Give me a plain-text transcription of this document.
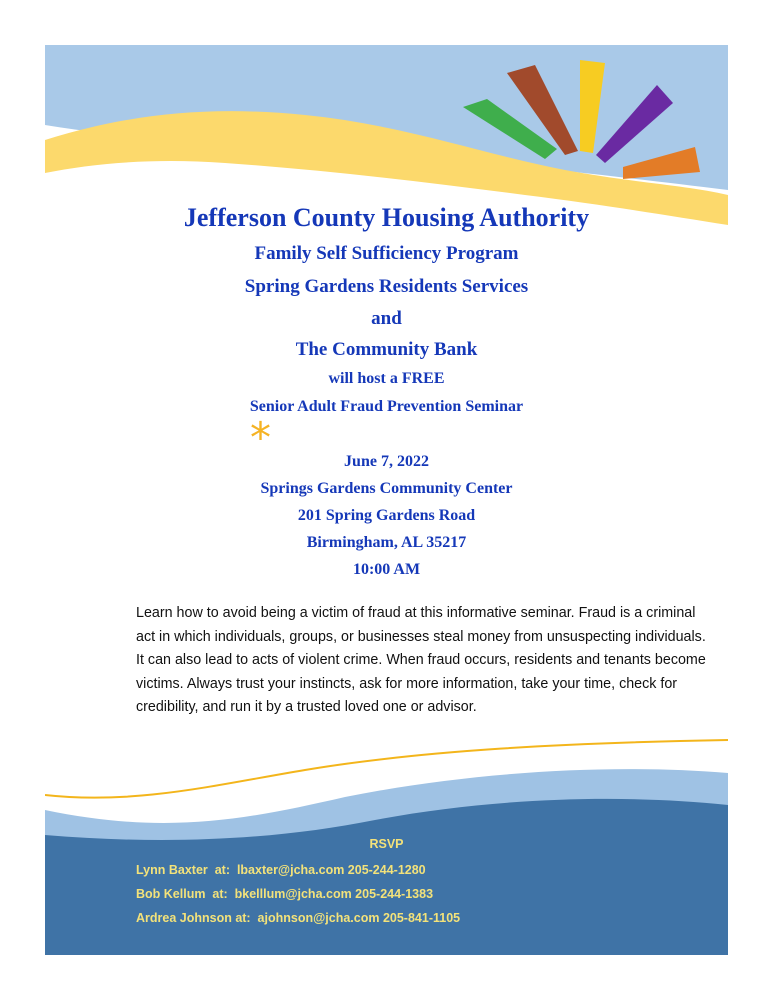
Jefferson County Housing Authority
Family Self Sufficiency Program
Spring Gardens Residents Services
and
The Community Bank
will host a FREE
Senior Adult Fraud Prevention Seminar
*	June 7, 2022
Springs Gardens Community Center
201 Spring Gardens Road
Birmingham, AL 35217
10:00 AM
Learn how to avoid being a victim of fraud at this informative seminar. Fraud is a criminal act in which individuals, groups, or businesses steal money from unsuspecting individuals. It can also lead to acts of violent crime. When fraud occurs, residents and tenants become victims. Always trust your instincts, ask for more information, take your time, check for credibility, and run it by a trusted loved one or advisor.
RSVP
Lynn Baxter  at:  lbaxter@jcha.com 205-244-1280
Bob Kellum  at:  bkelllum@jcha.com 205-244-1383
Ardrea Johnson at:  ajohnson@jcha.com 205-841-1105
